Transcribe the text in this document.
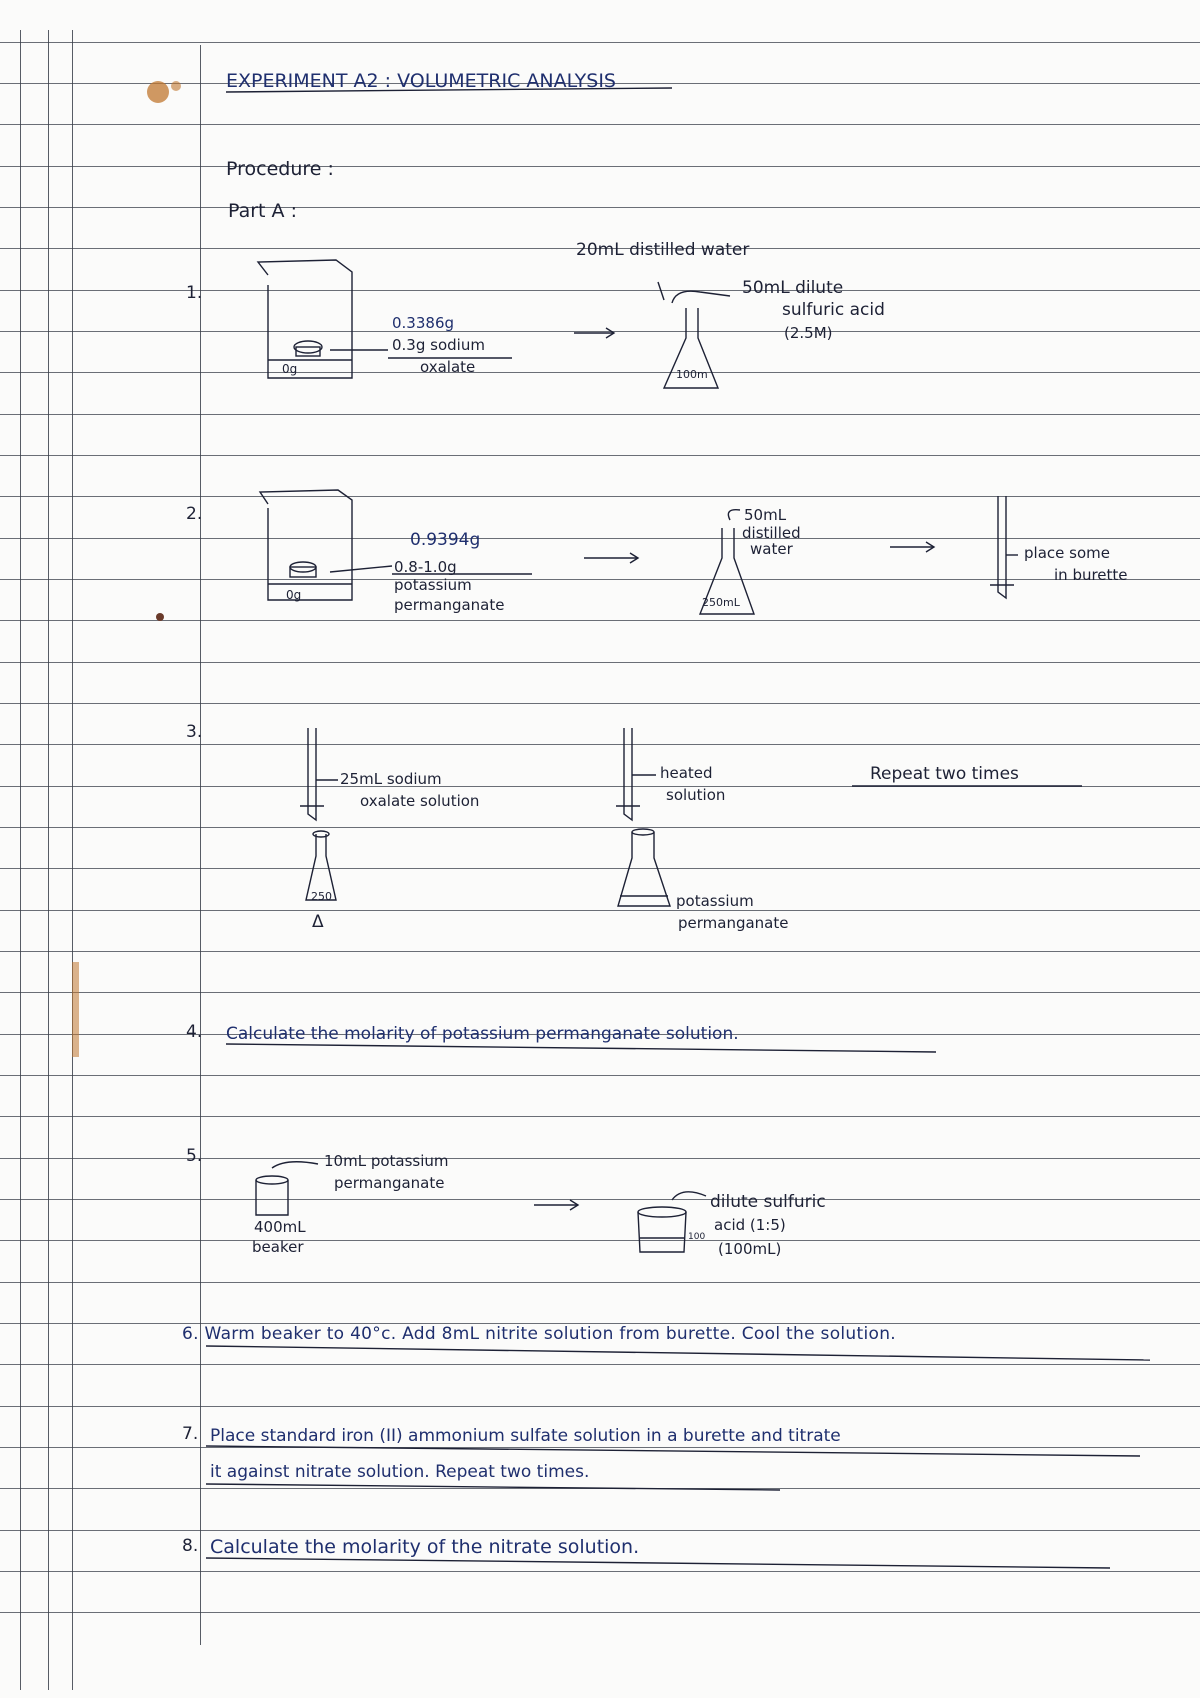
EXPERIMENT A2 : VOLUMETRIC ANALYSIS
Procedure :
Part A :
1.
0.3386g
0.3g sodium
oxalate
0g
20mL distilled water
50mL dilute
sulfuric acid
(2.5M)
100m
2.
0.9394g
0.8-1.0g
potassium
permanganate
0g
50mL
distilled
water
250mL
place some
in burette
3.
25mL sodium
oxalate solution
250
Δ
heated
solution
potassium
permanganate
Repeat two times
4. Calculate the molarity of potassium permanganate solution.
5.	10mL potassium
permanganate
400mL
beaker
dilute sulfuric
acid (1:5)
(100mL)
100
6. Warm beaker to 40°c. Add 8mL nitrite solution from burette. Cool the solution.
7. Place standard iron (II) ammonium sulfate solution in a burette and titrate
it against nitrate solution. Repeat two times.
8. Calculate the molarity of the nitrate solution.
